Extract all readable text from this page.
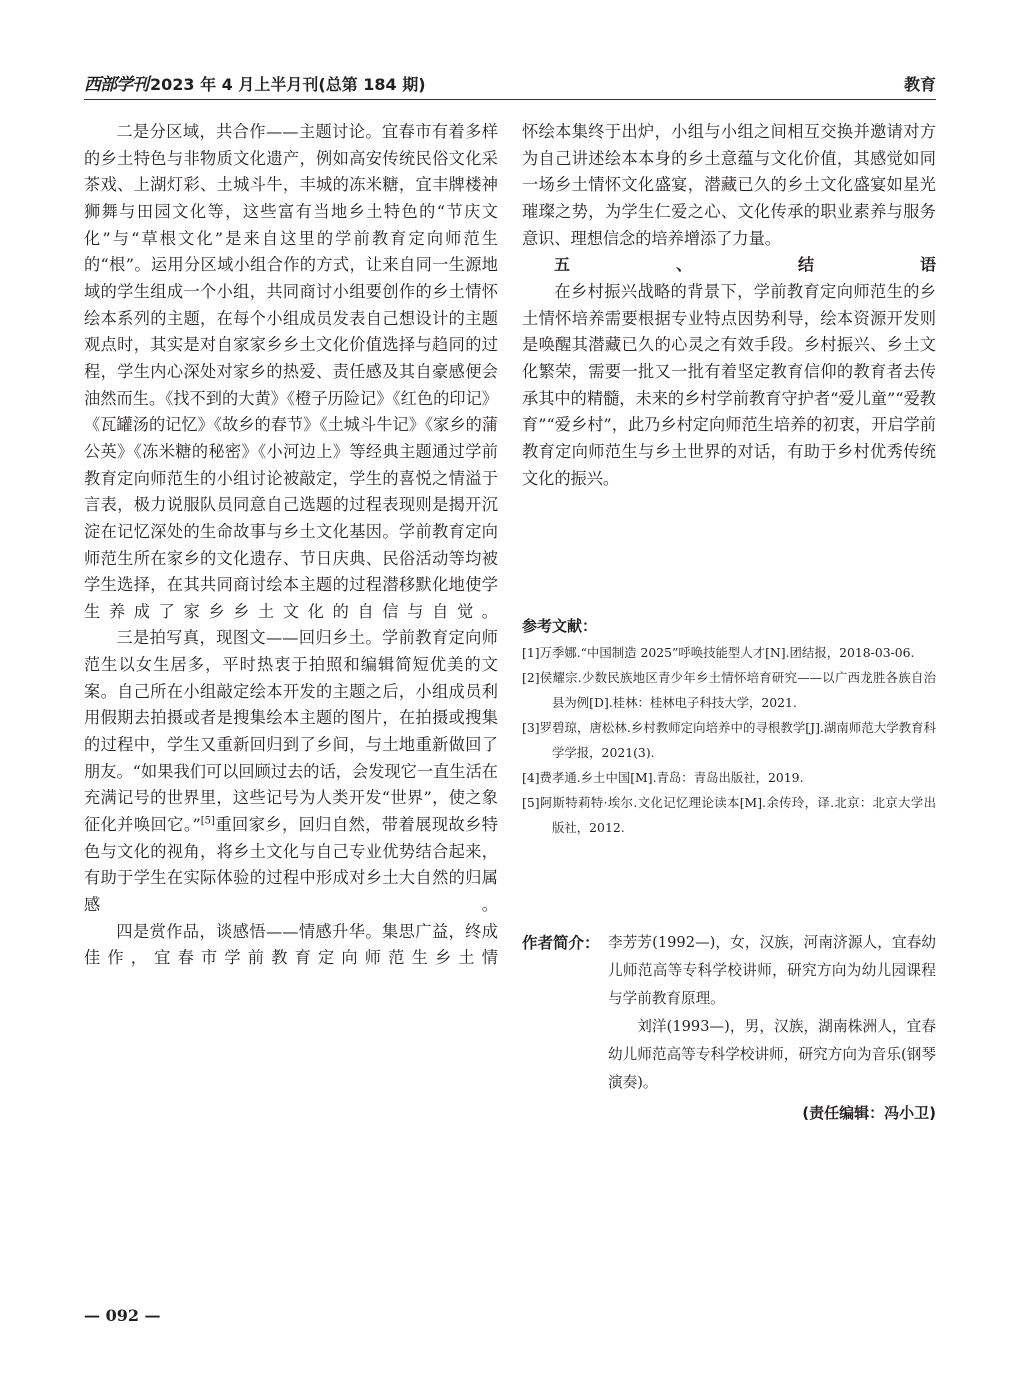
西部学刊 2023 年 4 月上半月刊(总第 184 期)	教育

二是分区域，共合作——主题讨论。宜春市有着多样的乡土特色与非物质文化遗产，例如高安传统民俗文化采茶戏、上湖灯彩、土城斗牛，丰城的冻米糖，宜丰牌楼神狮舞与田园文化等，这些富有当地乡土特色的“节庆文化”与“草根文化”是来自这里的学前教育定向师范生的“根”。运用分区域小组合作的方式，让来自同一生源地域的学生组成一个小组，共同商讨小组要创作的乡土情怀绘本系列的主题，在每个小组成员发表自己想设计的主题观点时，其实是对自家家乡乡土文化价值选择与趋同的过程，学生内心深处对家乡的热爱、责任感及其自豪感便会油然而生。《找不到的大黄》《橙子历险记》《红色的印记》《瓦罐汤的记忆》《故乡的春节》《土城斗牛记》《家乡的蒲公英》《冻米糖的秘密》《小河边上》等经典主题通过学前教育定向师范生的小组讨论被敲定，学生的喜悦之情溢于言表，极力说服队员同意自己选题的过程表现则是揭开沉淀在记忆深处的生命故事与乡土文化基因。学前教育定向师范生所在家乡的文化遗存、节日庆典、民俗活动等均被学生选择，在其共同商讨绘本主题的过程潜移默化地使学生养成了家乡乡土文化的自信与自觉。

三是拍写真，现图文——回归乡土。学前教育定向师范生以女生居多，平时热衷于拍照和编辑简短优美的文案。自己所在小组敲定绘本开发的主题之后，小组成员利用假期去拍摄或者是搜集绘本主题的图片，在拍摄或搜集的过程中，学生又重新回归到了乡间，与土地重新做回了朋友。“如果我们可以回顾过去的话，会发现它一直生活在充满记号的世界里，这些记号为人类开发“世界”，使之象征化并唤回它。”[5]重回家乡，回归自然，带着展现故乡特色与文化的视角，将乡土文化与自己专业优势结合起来，有助于学生在实际体验的过程中形成对乡土大自然的归属感。

四是赏作品，谈感悟——情感升华。集思广益，终成佳作，宜春市学前教育定向师范生乡土情

怀绘本集终于出炉，小组与小组之间相互交换并邀请对方为自己讲述绘本本身的乡土意蕴与文化价值，其感觉如同一场乡土情怀文化盛宴，潜藏已久的乡土文化盛宴如星光璀璨之势，为学生仁爱之心、文化传承的职业素养与服务意识、理想信念的培养增添了力量。

五、结语

在乡村振兴战略的背景下，学前教育定向师范生的乡土情怀培养需要根据专业特点因势利导，绘本资源开发则是唤醒其潜藏已久的心灵之有效手段。乡村振兴、乡土文化繁荣，需要一批又一批有着坚定教育信仰的教育者去传承其中的精髓，未来的乡村学前教育守护者“爱儿童”“爱教育”“爱乡村”，此乃乡村定向师范生培养的初衷，开启学前教育定向师范生与乡土世界的对话，有助于乡村优秀传统文化的振兴。

参考文献：
[1]万季娜.“中国制造 2025”呼唤技能型人才[N].团结报，2018-03-06.
[2]侯耀宗.少数民族地区青少年乡土情怀培育研究——以广西龙胜各族自治县为例[D].桂林：桂林电子科技大学，2021.
[3]罗碧琼，唐松林.乡村教师定向培养中的寻根教学[J].湖南师范大学教育科学学报，2021(3).
[4]费孝通.乡土中国[M].青岛：青岛出版社，2019.
[5]阿斯特莉特·埃尔.文化记忆理论读本[M].余传玲，译.北京：北京大学出版社，2012.
作者简介： 李芳芳(1992—)，女，汉族，河南济源人，宜春幼儿师范高等专科学校讲师，研究方向为幼儿园课程与学前教育原理。
刘洋(1993—)，男，汉族，湖南株洲人，宜春幼儿师范高等专科学校讲师，研究方向为音乐(钢琴演奏)。
(责任编辑：冯小卫)
— 092 —
